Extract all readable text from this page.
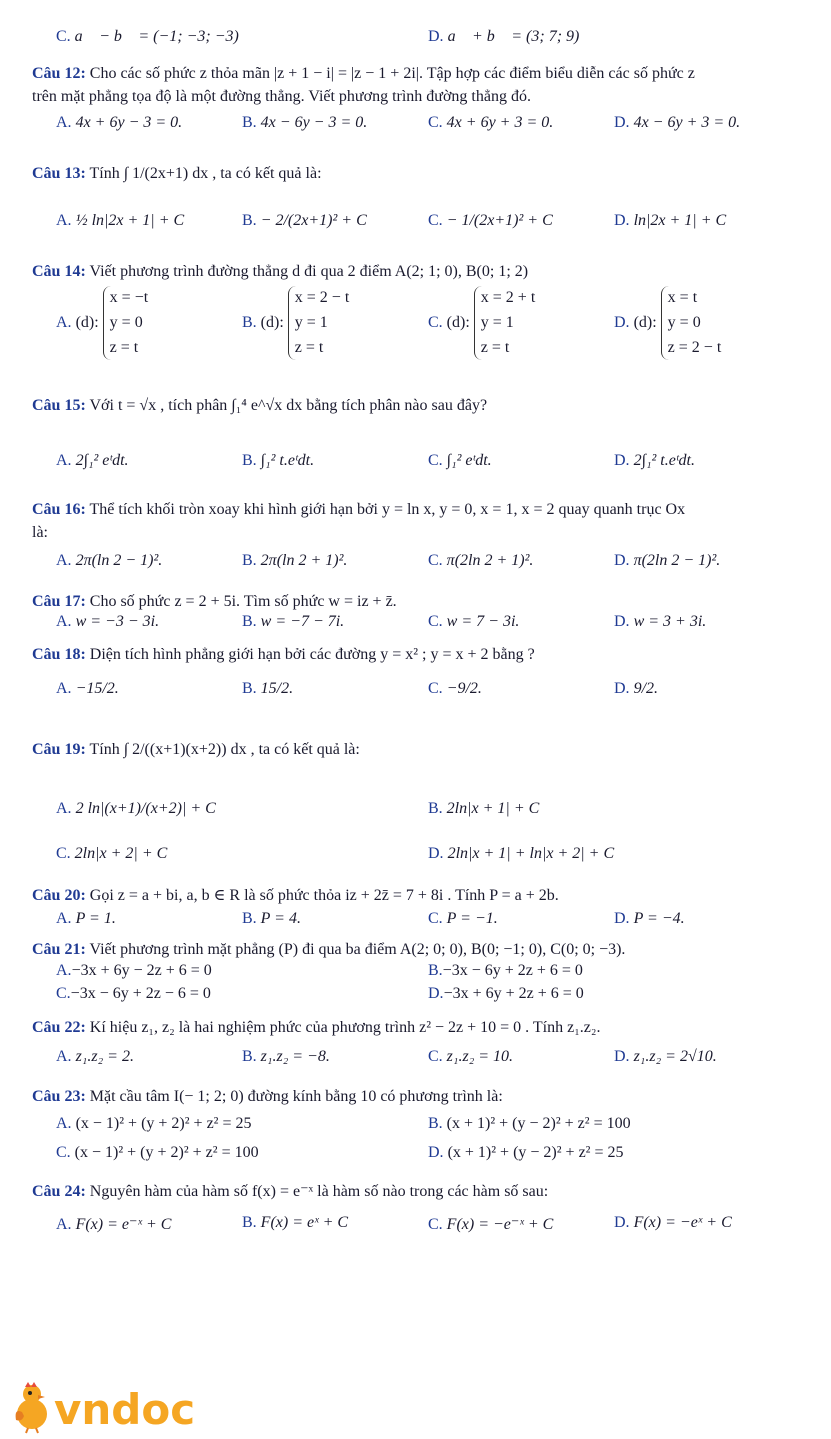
C. a⃗ − b⃗ = (−1; −3; −3)	D. a⃗ + b⃗ = (3; 7; 9)
Câu 12: Cho các số phức z thỏa mãn |z + 1 − i| = |z − 1 + 2i|. Tập hợp các điểm biểu diễn các số phức z
trên mặt phẳng tọa độ là một đường thẳng. Viết phương trình đường thẳng đó.
A. 4x + 6y − 3 = 0.	B. 4x − 6y − 3 = 0.	C. 4x + 6y + 3 = 0.	D. 4x − 6y + 3 = 0.
Câu 13: Tính ∫ 1/(2x+1) dx , ta có kết quả là:
A. ½ ln|2x + 1| + C	B. − 2/(2x+1)² + C	C. − 1/(2x+1)² + C	D. ln|2x + 1| + C
Câu 14: Viết phương trình đường thẳng d đi qua 2 điểm A(2; 1; 0), B(0; 1; 2)
A. (d):
x = −t
y = 0
z = t
B. (d):
x = 2 − t
y = 1
z = t
C. (d):
x = 2 + t
y = 1
z = t
D. (d):
x = t
y = 0
z = 2 − t
Câu 15: Với t = √x , tích phân ∫₁⁴ e^√x dx bằng tích phân nào sau đây?
A. 2∫₁² eᵗdt.	B. ∫₁² t.eᵗdt.	C. ∫₁² eᵗdt.	D. 2∫₁² t.eᵗdt.
Câu 16: Thể tích khối tròn xoay khi hình giới hạn bởi y = ln x, y = 0, x = 1, x = 2 quay quanh trục Ox
là:
A. 2π(ln 2 − 1)².	B. 2π(ln 2 + 1)².	C. π(2ln 2 + 1)².	D. π(2ln 2 − 1)².
Câu 17: Cho số phức z = 2 + 5i. Tìm số phức w = iz + z̄.
A. w = −3 − 3i.	B. w = −7 − 7i.	C. w = 7 − 3i.	D. w = 3 + 3i.
Câu 18: Diện tích hình phẳng giới hạn bởi các đường y = x² ; y = x + 2 bằng ?
A. −15/2.	B. 15/2.	C. −9/2.	D. 9/2.
Câu 19: Tính ∫ 2/((x+1)(x+2)) dx , ta có kết quả là:
A. 2 ln|(x+1)/(x+2)| + C	B. 2ln|x + 1| + C
C. 2ln|x + 2| + C	D. 2ln|x + 1| + ln|x + 2| + C
Câu 20: Gọi z = a + bi, a, b ∈ R là số phức thỏa iz + 2z̄ = 7 + 8i . Tính P = a + 2b.
A. P = 1.	B. P = 4.	C. P = −1.	D. P = −4.
Câu 21: Viết phương trình mặt phẳng (P) đi qua ba điểm A(2; 0; 0), B(0; −1; 0), C(0; 0; −3).
A.−3x + 6y − 2z + 6 = 0	B.−3x − 6y + 2z + 6 = 0
C.−3x − 6y + 2z − 6 = 0	D.−3x + 6y + 2z + 6 = 0
Câu 22: Kí hiệu z₁, z₂ là hai nghiệm phức của phương trình z² − 2z + 10 = 0 . Tính z₁.z₂.
A. z₁.z₂ = 2.	B. z₁.z₂ = −8.	C. z₁.z₂ = 10.	D. z₁.z₂ = 2√10.
Câu 23: Mặt cầu tâm I(− 1; 2; 0) đường kính bằng 10 có phương trình là:
A. (x − 1)² + (y + 2)² + z² = 25	B. (x + 1)² + (y − 2)² + z² = 100
C. (x − 1)² + (y + 2)² + z² = 100	D. (x + 1)² + (y − 2)² + z² = 25
Câu 24: Nguyên hàm của hàm số f(x) = e⁻ˣ là hàm số nào trong các hàm số sau:
A. F(x) = e⁻ˣ + C	B. F(x) = eˣ + C	C. F(x) = −e⁻ˣ + C	D. F(x) = −eˣ + C
vndoc
